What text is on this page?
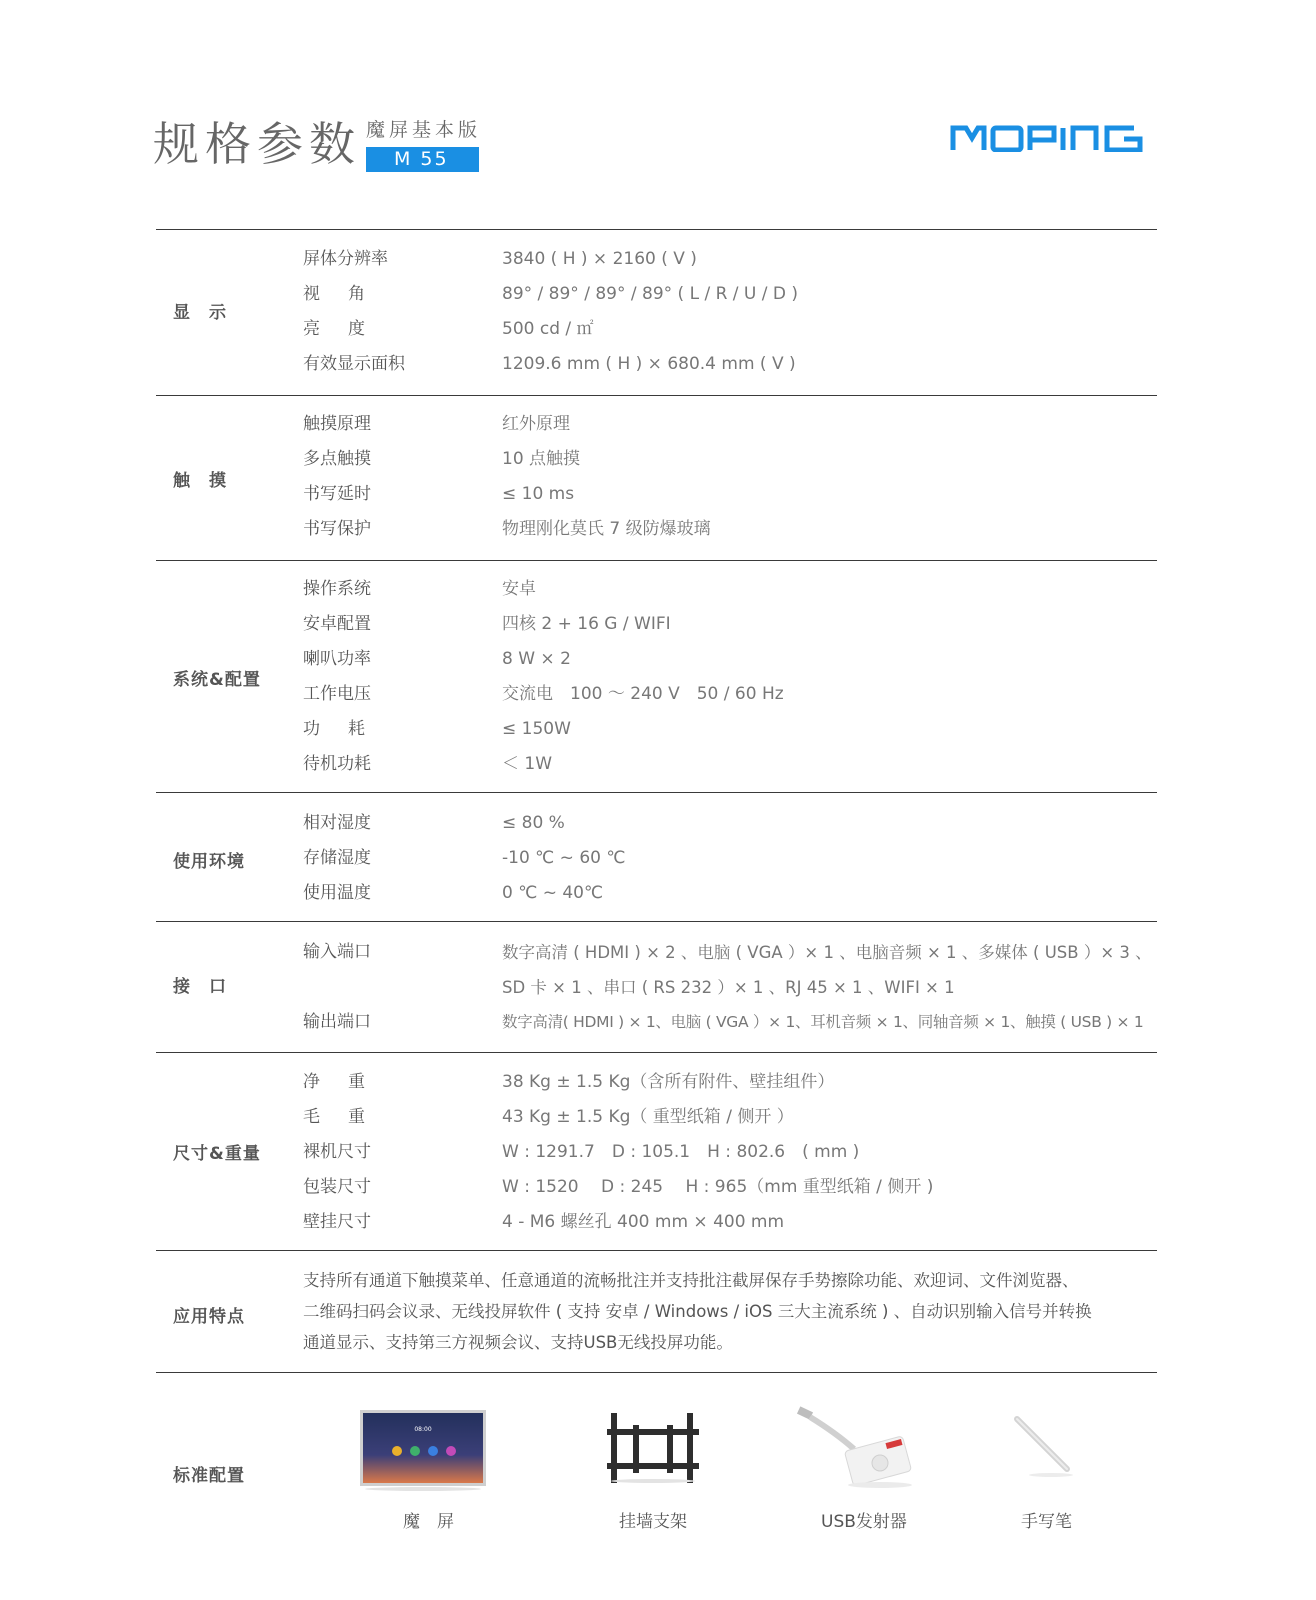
规格参数 魔屏基本版
M 55
显　示
屏体分辨率	3840 ( H ) × 2160 ( V )
视角	89° / 89° / 89° / 89° ( L / R / U / D )
亮度	500 cd / ㎡
有效显示面积	1209.6 mm ( H ) × 680.4 mm ( V )
触　摸
触摸原理	红外原理
多点触摸	10 点触摸
书写延时	≤ 10 ms
书写保护	物理刚化莫氏 7 级防爆玻璃
系统&配置
操作系统	安卓
安卓配置	四核 2 + 16 G / WIFI
喇叭功率	8 W × 2
工作电压	交流电　100 ～ 240 V　50 / 60 Hz
功耗	≤ 150W
待机功耗	＜ 1W
使用环境
相对湿度	≤ 80 %
存储湿度	-10 ℃ ~ 60 ℃
使用温度	0 ℃ ~ 40℃
接　口
输入端口	数字高清 ( HDMI ) × 2 、电脑 ( VGA ）× 1 、电脑音频 × 1 、多媒体 ( USB ）× 3 、
SD 卡 × 1 、串口 ( RS 232 ）× 1 、RJ 45 × 1 、WIFI × 1
输出端口	数字高清( HDMI ) × 1、电脑 ( VGA ）× 1、耳机音频 × 1、同轴音频 × 1、触摸 ( USB ) × 1
尺寸&重量
净重	38 Kg ± 1.5 Kg（含所有附件、壁挂组件）
毛重	43 Kg ± 1.5 Kg（ 重型纸箱 / 侧开 ）
裸机尺寸	W : 1291.7　D : 105.1　H : 802.6　( mm )
包装尺寸	W : 1520　 D : 245　 H : 965（mm 重型纸箱 / 侧开 )
壁挂尺寸	4 - M6 螺丝孔 400 mm × 400 mm
应用特点
支持所有通道下触摸菜单、任意通道的流畅批注并支持批注截屏保存手势擦除功能、欢迎词、文件浏览器、
二维码扫码会议录、无线投屏软件 ( 支持 安卓 / Windows / iOS 三大主流系统 ) 、自动识别输入信号并转换
通道显示、支持第三方视频会议、支持USB无线投屏功能。
标准配置
08:00
魔　屏	挂墙支架	USB发射器	手写笔
